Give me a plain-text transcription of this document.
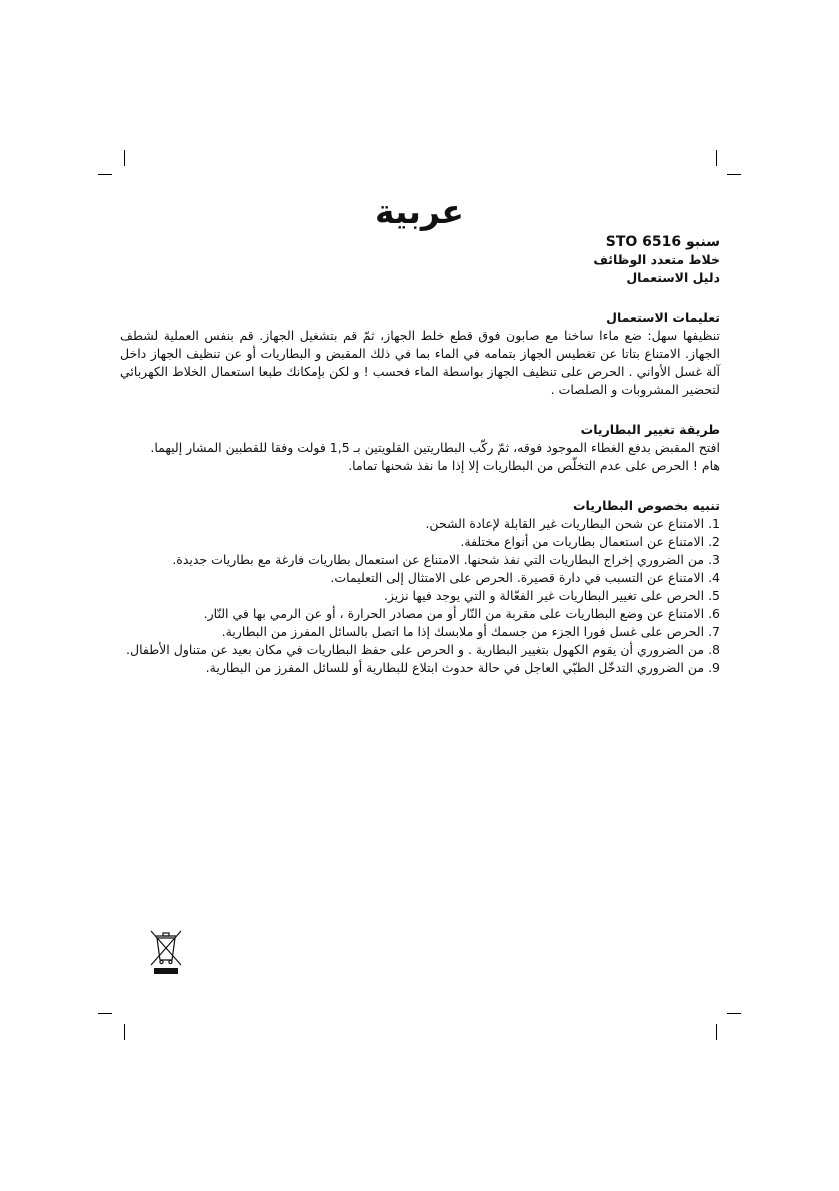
عربية
سنبو STO 6516
خلاط متعدد الوظائف
دليل الاستعمال
تعليمات الاستعمال
تنظيفها سهل: ضع ماءا ساخنا مع صابون فوق قطع خلط الجهاز، ثمّ قم بتشغيل الجهاز. قم بنفس العملية لشطف الجهاز. الامتناع بتاتا عن تغطيس الجهاز بتمامه في الماء بما في ذلك المقبض و البطاريات أو عن تنظيف الجهاز داخل آلة غسل الأواني . الحرص على تنظيف الجهاز بواسطة الماء فحسب ! و لكن بإمكانك طبعا استعمال الخلاط الكهربائي لتحضير المشروبات و الصلصات .
طريقة تغيير البطاريات
افتح المقبض بدفع الغطاء الموجود فوقه، ثمّ ركّب البطاريتين القلويتين بـ 1,5 فولت وفقا للقطبين المشار إليهما.
هام ! الحرص على عدم التخلّص من البطاريات إلا إذا ما نفذ شحنها تماما.
تنبيه بخصوص البطاريات
1.الامتناع عن شحن البطاريات غير القابلة لإعادة الشحن.
2.الامتناع عن استعمال بطاريات من أنواع مختلفة.
3.من الضروري إخراج البطاريات التي نفذ شحنها. الامتناع عن استعمال بطاريات فارغة مع بطاريات جديدة.
4.الامتناع عن التسبب في دارة قصيرة. الحرص على الامتثال إلى التعليمات.
5.الحرص على تغيير البطاريات غير الفعّالة و التي يوجد فيها نزيز.
6.الامتناع عن وضع البطاريات على مقربة من النّار أو من مصادر الحرارة ، أو عن الرمي بها في النّار.
7.الحرص على غسل فورا الجزء من جسمك أو ملابسك إذا ما اتصل بالسائل المفرز من البطارية.
8.من الضروري أن يقوم الكهول بتغيير البطارية . و الحرص على حفظ البطاريات في مكان بعيد عن متناول الأطفال.
9.من الضروري التدخّل الطبّي العاجل في حالة حدوث ابتلاع للبطارية أو للسائل المفرز من البطارية.
